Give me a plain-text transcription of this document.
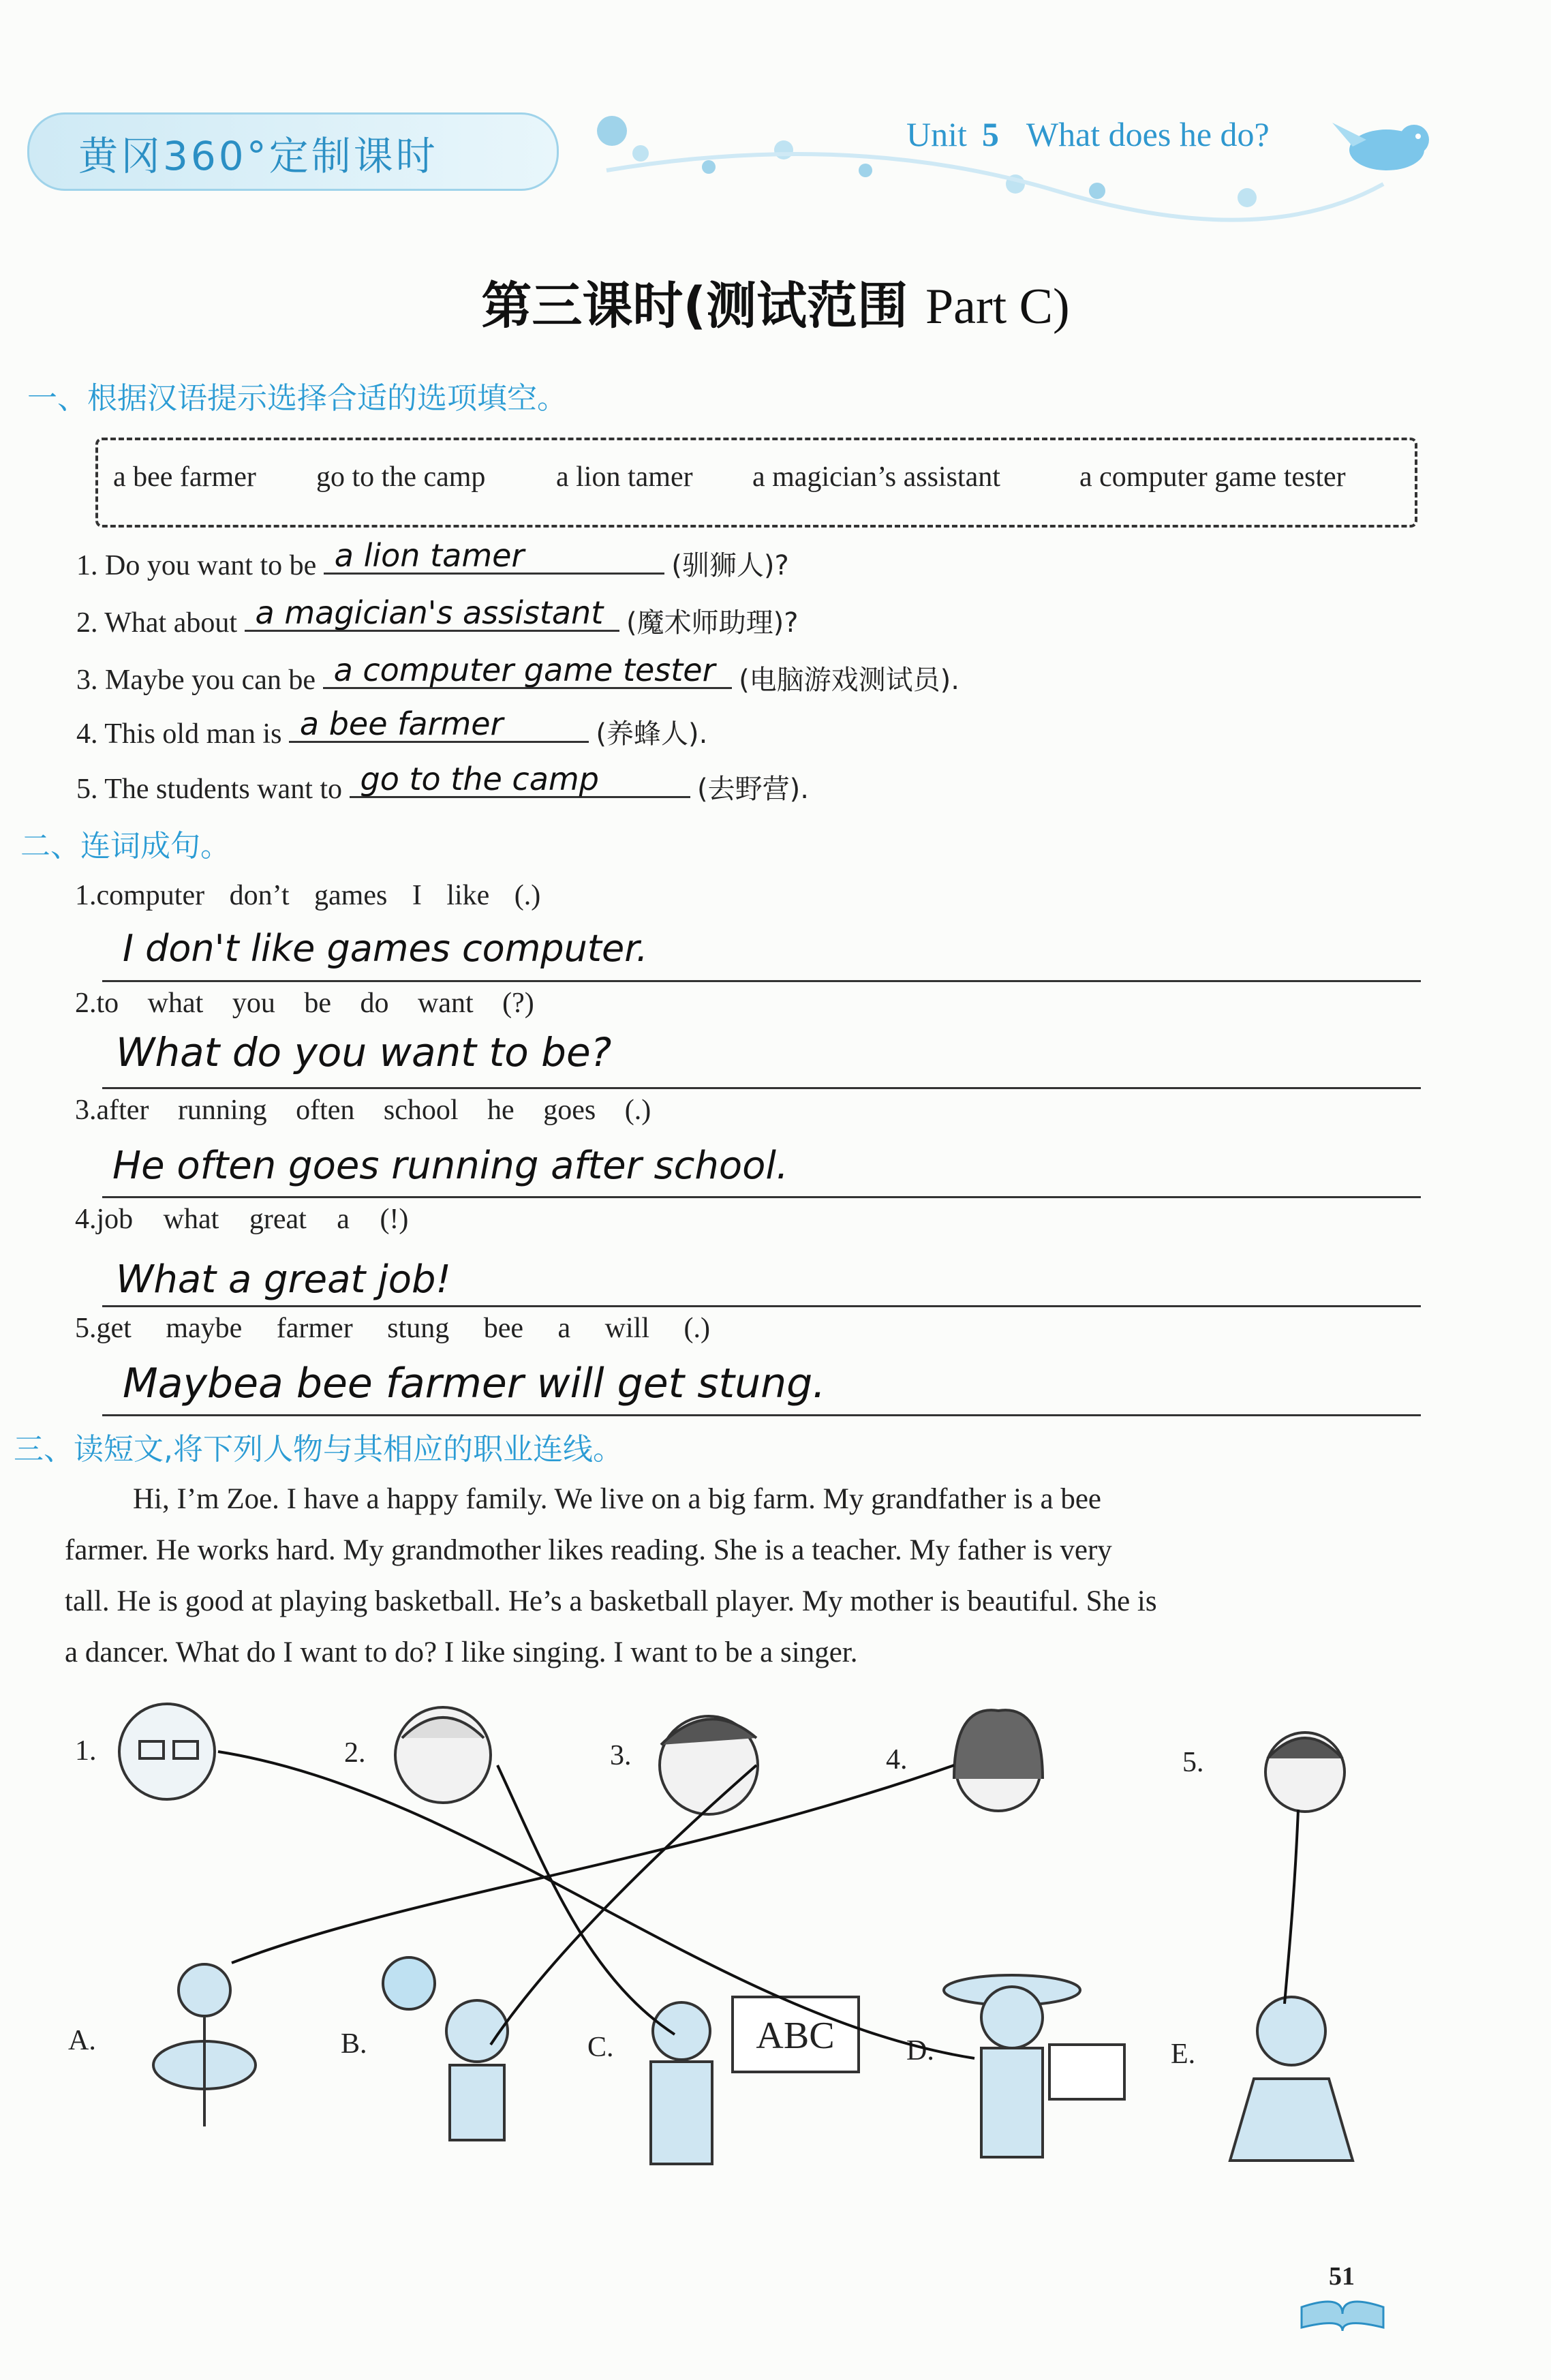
黄冈360°定制课时	Unit 5 What does he do?
第三课时(测试范围 Part C)
一、根据汉语提示选择合适的选项填空。
a bee farmer go to the camp a lion tamer a magician’s assistant	a computer game tester
1. Do you want to be a lion tamer	(驯狮人)?
2. What about a magician's assistant (魔术师助理)?
3. Maybe you can be a computer game tester (电脑游戏测试员).
4. This old man is a bee farmer	(养蜂人).
5. The students want to go to the camp	(去野营).
二、连词成句。
1.computer don’t games I like (.)
I don't like games computer.
2.to what you be do want (?)
What do you want to be?
3.after running often school he goes (.)
He often goes running after school.
4.job what great a (!)
What a great job!
5.get maybe farmer stung bee a will (.)
Maybea bee farmer will get stung.
三、读短文,将下列人物与其相应的职业连线。
Hi, I’m Zoe. I have a happy family. We live on a big farm. My grandfather is a bee
farmer. He works hard. My grandmother likes reading. She is a teacher. My father is very
tall. He is good at playing basketball. He’s a basketball player. My mother is beautiful. She is
a dancer. What do I want to do? I like singing. I want to be a singer.
1.	2.	3.	4.	5.
A.	B.	C.	D.	E.
ABC
51
